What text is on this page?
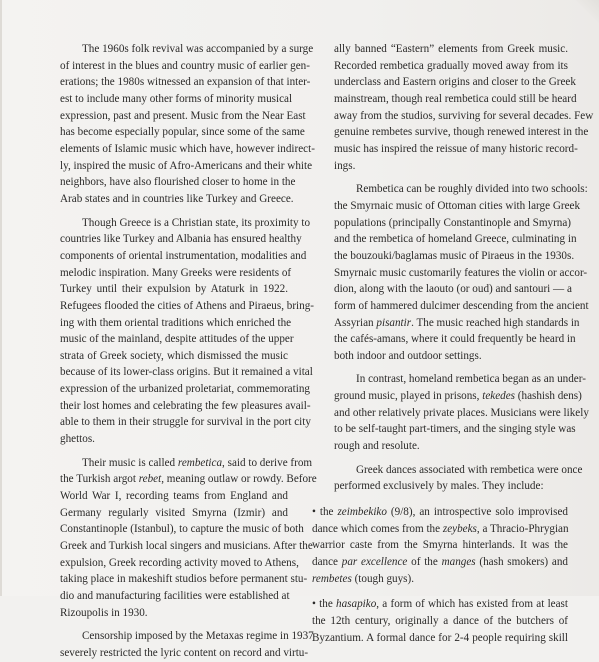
The 1960s folk revival was accompanied by a surge
of interest in the blues and country music of earlier gen-
erations; the 1980s witnessed an expansion of that inter-
est to include many other forms of minority musical
expression, past and present. Music from the Near East
has become especially popular, since some of the same
elements of Islamic music which have, however indirect-
ly, inspired the music of Afro-Americans and their white
neighbors, have also flourished closer to home in the
Arab states and in countries like Turkey and Greece.

Though Greece is a Christian state, its proximity to
countries like Turkey and Albania has ensured healthy
components of oriental instrumentation, modalities and
melodic inspiration. Many Greeks were residents of
Turkey until their expulsion by Ataturk in 1922.
Refugees flooded the cities of Athens and Piraeus, bring-
ing with them oriental traditions which enriched the
music of the mainland, despite attitudes of the upper
strata of Greek society, which dismissed the music
because of its lower-class origins. But it remained a vital
expression of the urbanized proletariat, commemorating
their lost homes and celebrating the few pleasures avail-
able to them in their struggle for survival in the port city
ghettos.

Their music is called rembetica, said to derive from
the Turkish argot rebet, meaning outlaw or rowdy. Before
World War I, recording teams from England and
Germany regularly visited Smyrna (Izmir) and
Constantinople (Istanbul), to capture the music of both
Greek and Turkish local singers and musicians. After the
expulsion, Greek recording activity moved to Athens,
taking place in makeshift studios before permanent stu-
dio and manufacturing facilities were established at
Rizoupolis in 1930.

Censorship imposed by the Metaxas regime in 1937
severely restricted the lyric content on record and virtu-

ally banned “Eastern” elements from Greek music.
Recorded rembetica gradually moved away from its
underclass and Eastern origins and closer to the Greek
mainstream, though real rembetica could still be heard
away from the studios, surviving for several decades. Few
genuine rembetes survive, though renewed interest in the
music has inspired the reissue of many historic record-
ings.

Rembetica can be roughly divided into two schools:
the Smyrnaic music of Ottoman cities with large Greek
populations (principally Constantinople and Smyrna)
and the rembetica of homeland Greece, culminating in
the bouzouki/baglamas music of Piraeus in the 1930s.
Smyrnaic music customarily features the violin or accor-
dion, along with the laouto (or oud) and santouri — a
form of hammered dulcimer descending from the ancient
Assyrian pisantir. The music reached high standards in
the cafés-amans, where it could frequently be heard in
both indoor and outdoor settings.

In contrast, homeland rembetica began as an under-
ground music, played in prisons, tekedes (hashish dens)
and other relatively private places. Musicians were likely
to be self-taught part-timers, and the singing style was
rough and resolute.

Greek dances associated with rembetica were once
performed exclusively by males. They include:

• the zeimbekiko (9/8), an introspective solo improvised
dance which comes from the zeybeks, a Thracio-Phrygian
warrior caste from the Smyrna hinterlands. It was the
dance par excellence of the manges (hash smokers) and
rembetes (tough guys).

• the hasapiko, a form of which has existed from at least
the 12th century, originally a dance of the butchers of
Byzantium. A formal dance for 2-4 people requiring skill
